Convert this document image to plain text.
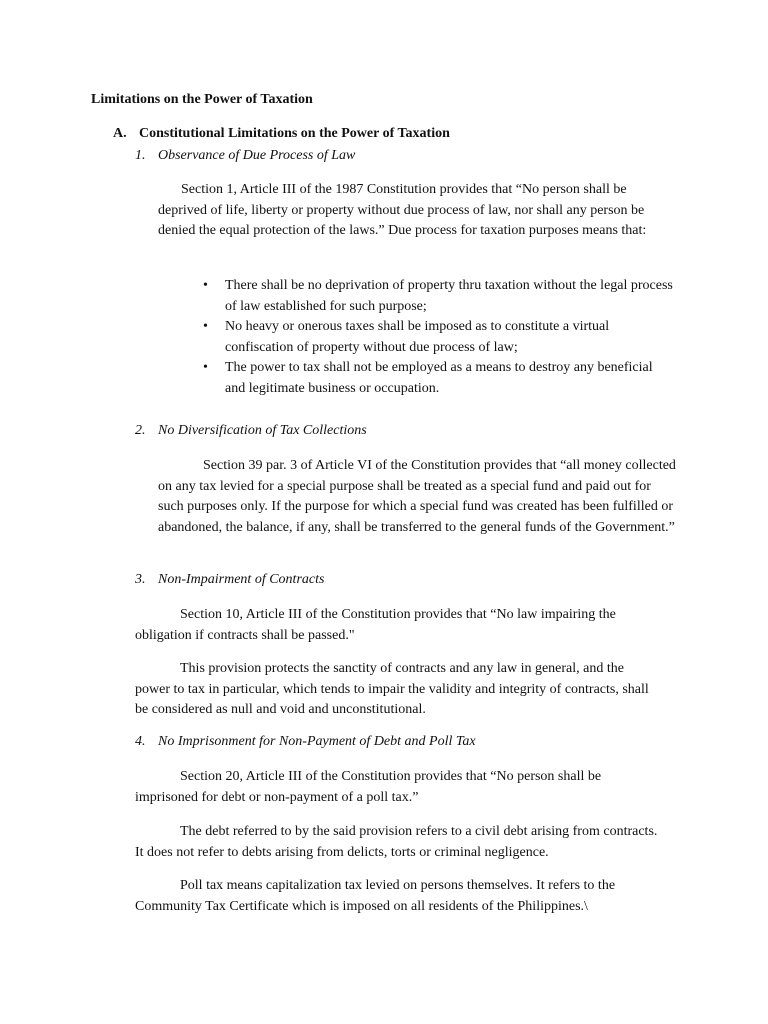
Limitations on the Power of Taxation

A. Constitutional Limitations on the Power of Taxation

1. Observance of Due Process of Law

Section 1, Article III of the 1987 Constitution provides that “No person shall be deprived of life, liberty or property without due process of law, nor shall any person be denied the equal protection of the laws.” Due process for taxation purposes means that:

• There shall be no deprivation of property thru taxation without the legal process of law established for such purpose;
• No heavy or onerous taxes shall be imposed as to constitute a virtual confiscation of property without due process of law;
• The power to tax shall not be employed as a means to destroy any beneficial and legitimate business or occupation.

2. No Diversification of Tax Collections

Section 39 par. 3 of Article VI of the Constitution provides that “all money collected on any tax levied for a special purpose shall be treated as a special fund and paid out for such purposes only. If the purpose for which a special fund was created has been fulfilled or abandoned, the balance, if any, shall be transferred to the general funds of the Government.”

3. Non-Impairment of Contracts

Section 10, Article III of the Constitution provides that “No law impairing the obligation if contracts shall be passed."

This provision protects the sanctity of contracts and any law in general, and the power to tax in particular, which tends to impair the validity and integrity of contracts, shall be considered as null and void and unconstitutional.

4. No Imprisonment for Non-Payment of Debt and Poll Tax

Section 20, Article III of the Constitution provides that “No person shall be imprisoned for debt or non-payment of a poll tax.”

The debt referred to by the said provision refers to a civil debt arising from contracts. It does not refer to debts arising from delicts, torts or criminal negligence.

Poll tax means capitalization tax levied on persons themselves. It refers to the Community Tax Certificate which is imposed on all residents of the Philippines.\
